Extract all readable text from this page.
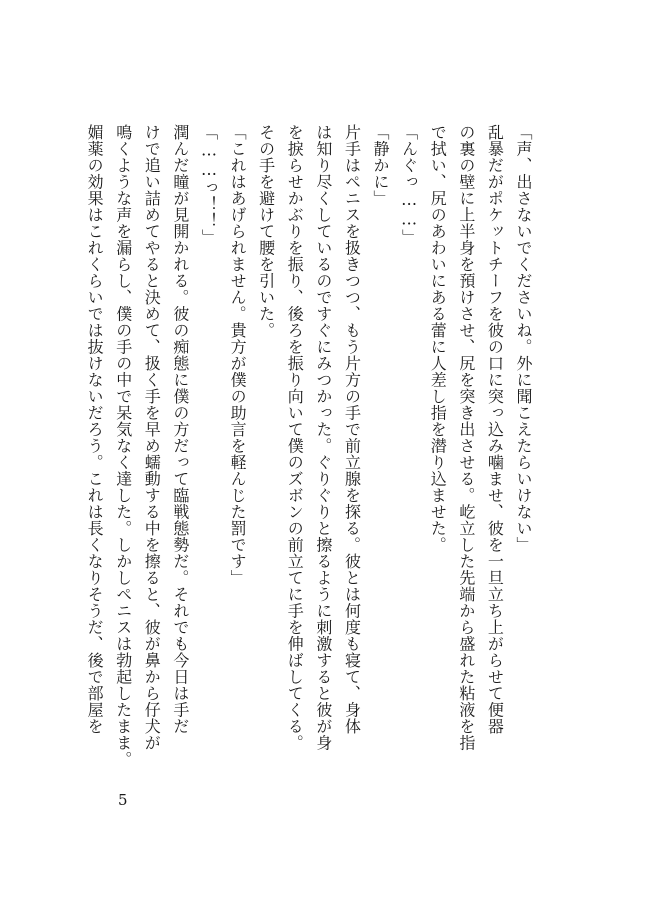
「声、出さないでくださいね。外に聞こえたらいけない」
乱暴だがポケットチーフを彼の口に突っ込み噛ませ、彼を一旦立ち上がらせて便器
の裏の壁に上半身を預けさせ、尻を突き出させる。屹立した先端から盛れた粘液を指
で拭い、尻のあわいにある蕾に人差し指を潜り込ませた。
「んぐっ……」
「静かに」
片手はペニスを扱きつつ、もう片方の手で前立腺を探る。彼とは何度も寝て、身体
は知り尽くしているのですぐにみつかった。ぐりぐりと擦るように刺激すると彼が身
を捩らせかぶりを振り、後ろを振り向いて僕のズボンの前立てに手を伸ばしてくる。
その手を避けて腰を引いた。
「これはあげられません。貴方が僕の助言を軽んじた罰です」
「……っ！！」
潤んだ瞳が見開かれる。彼の痴態に僕の方だって臨戦態勢だ。それでも今日は手だ
けで追い詰めてやると決めて、扱く手を早め蠕動する中を擦ると、彼が鼻から仔犬が
鳴くような声を漏らし、僕の手の中で呆気なく達した。しかしペニスは勃起したまま。
媚薬の効果はこれくらいでは抜けないだろう。これは長くなりそうだ、後で部屋を
5
